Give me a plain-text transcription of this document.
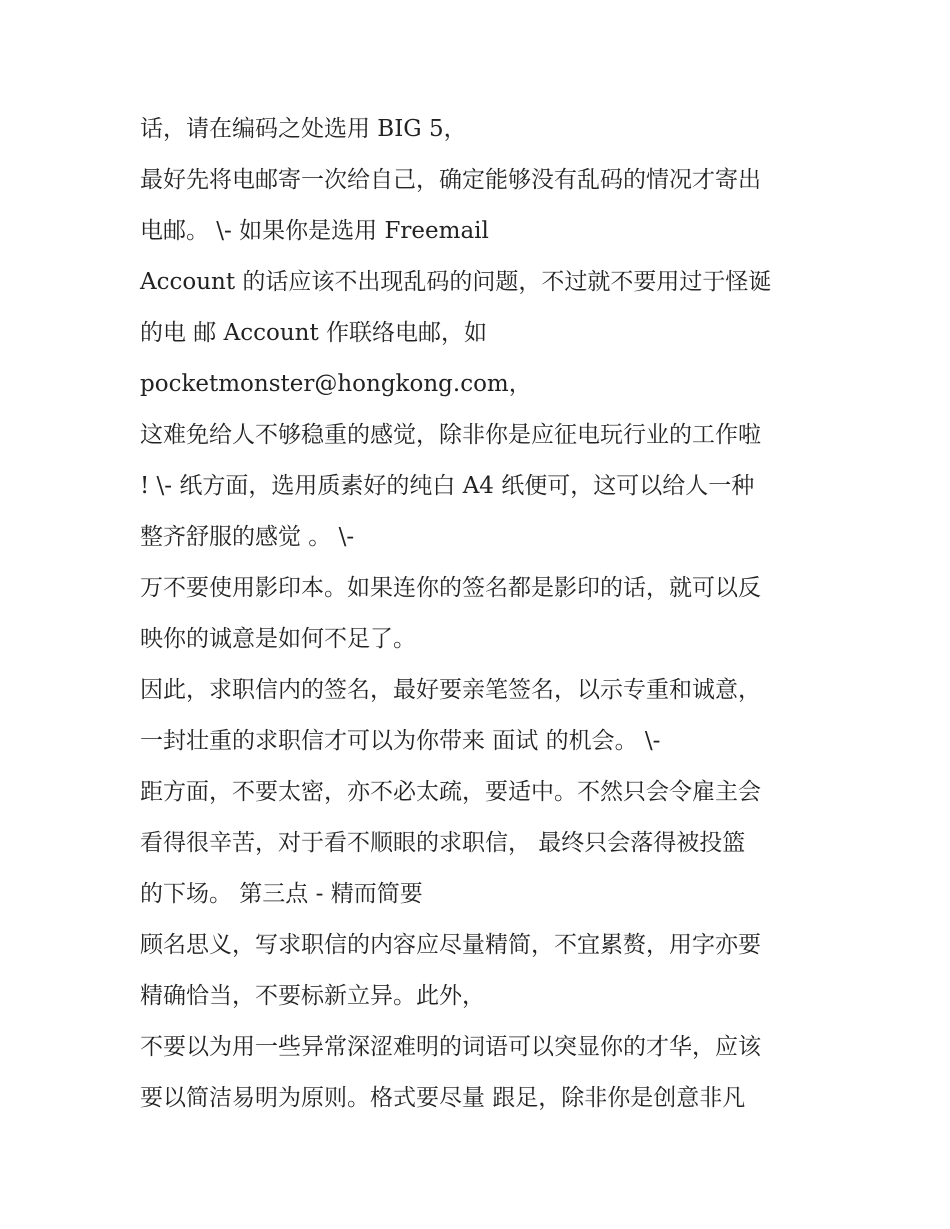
话，请在编码之处选用 BIG 5，
最好先将电邮寄一次给自己，确定能够没有乱码的情况才寄出
电邮。 \- 如果你是选用 Freemail
Account 的话应该不出现乱码的问题，不过就不要用过于怪诞
的电 邮 Account 作联络电邮，如
pocketmonster@hongkong.com，
这难免给人不够稳重的感觉，除非你是应征电玩行业的工作啦
! \- 纸方面，选用质素好的纯白 A4 纸便可，这可以给人一种
整齐舒服的感觉 。 \-
万不要使用影印本。如果连你的签名都是影印的话，就可以反
映你的诚意是如何不足了。
因此，求职信内的签名，最好要亲笔签名，以示专重和诚意，
一封壮重的求职信才可以为你带来 面试 的机会。 \-
距方面，不要太密，亦不必太疏，要适中。不然只会令雇主会
看得很辛苦，对于看不顺眼的求职信， 最终只会落得被投篮
的下场。 第三点 - 精而简要
顾名思义，写求职信的内容应尽量精简，不宜累赘，用字亦要
精确恰当，不要标新立异。此外，
不要以为用一些异常深涩难明的词语可以突显你的才华，应该
要以简洁易明为原则。格式要尽量 跟足，除非你是创意非凡
